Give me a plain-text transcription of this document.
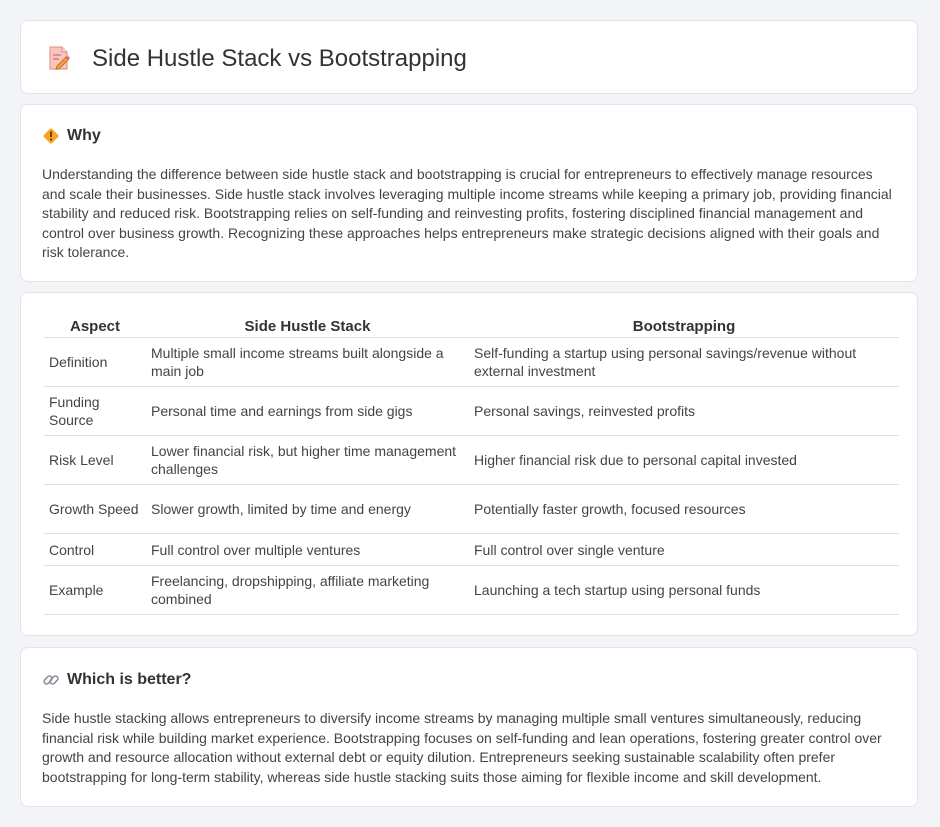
Side Hustle Stack vs Bootstrapping
Why

Understanding the difference between side hustle stack and bootstrapping is crucial for entrepreneurs to effectively manage resources and scale their businesses. Side hustle stack involves leveraging multiple income streams while keeping a primary job, providing financial stability and reduced risk. Bootstrapping relies on self-funding and reinvesting profits, fostering disciplined financial management and control over business growth. Recognizing these approaches helps entrepreneurs make strategic decisions aligned with their goals and risk tolerance.

Aspect	Side Hustle Stack	Bootstrapping
Definition	Multiple small income streams built alongside a main job	Self-funding a startup using personal savings/revenue without external investment
Funding Source	Personal time and earnings from side gigs	Personal savings, reinvested profits
Risk Level	Lower financial risk, but higher time management challenges	Higher financial risk due to personal capital invested
Growth Speed	Slower growth, limited by time and energy	Potentially faster growth, focused resources
Control	Full control over multiple ventures	Full control over single venture
Example	Freelancing, dropshipping, affiliate marketing combined	Launching a tech startup using personal funds
Which is better?

Side hustle stacking allows entrepreneurs to diversify income streams by managing multiple small ventures simultaneously, reducing financial risk while building market experience. Bootstrapping focuses on self-funding and lean operations, fostering greater control over growth and resource allocation without external debt or equity dilution. Entrepreneurs seeking sustainable scalability often prefer bootstrapping for long-term stability, whereas side hustle stacking suits those aiming for flexible income and skill development.
